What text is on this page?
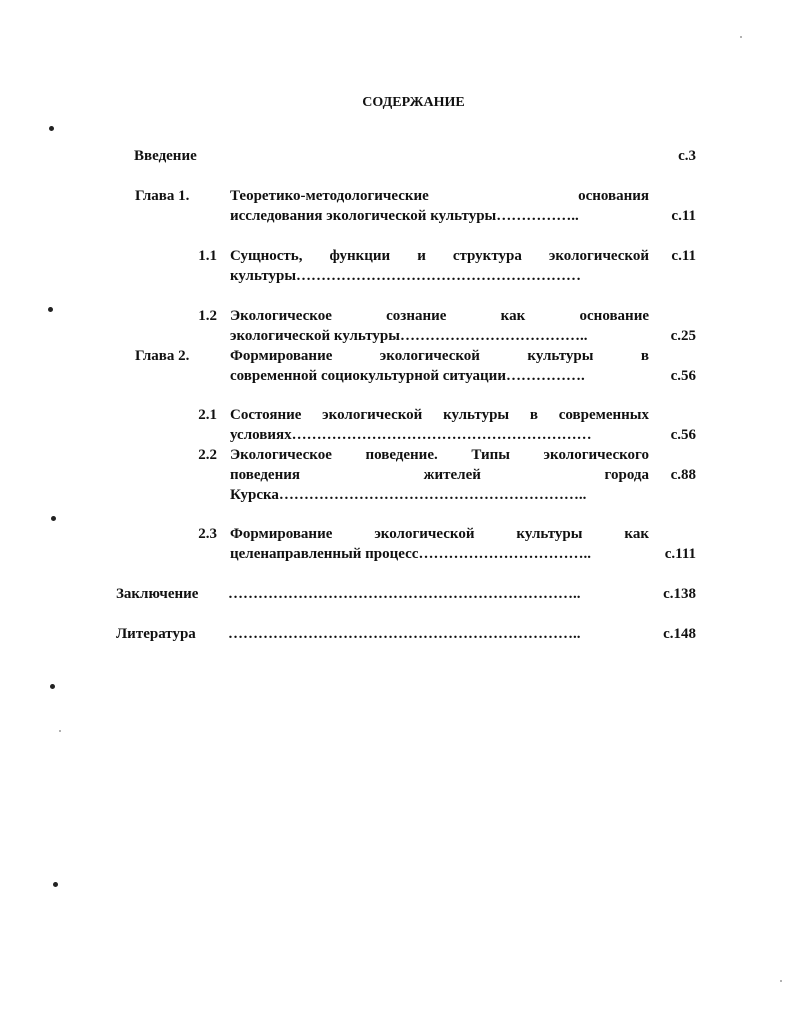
СОДЕРЖАНИЕ
Введение	с.3
Глава 1.	Теоретико-методологические основания
исследования экологической культуры……………..	с.11
1.1 Сущность, функции и структура экологической	с.11
культуры…………………………………………………
1.2 Экологическое сознание как основание
экологической культуры………………………………..	с.25
Глава 2.	Формирование экологической культуры в
современной социокультурной ситуации…………….	с.56
2.1 Состояние экологической культуры в современных
условиях……………………………………………………	с.56
2.2 Экологическое поведение. Типы экологического
поведения жителей города	с.88
Курска……………………………………………………..
2.3 Формирование экологической культуры как
целенаправленный процесс……………………………..	с.111
Заключение ……………………………………………………………..	с.138
Литература ……………………………………………………………..	с.148
